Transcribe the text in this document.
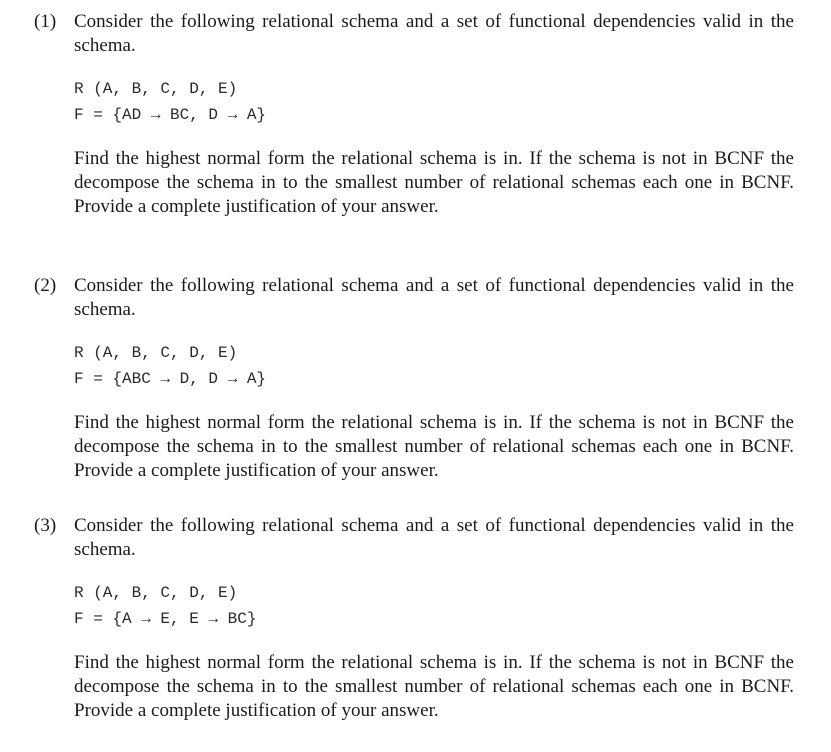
(1) Consider the following relational schema and a set of functional dependencies valid in the schema.
R (A, B, C, D, E)
F = {AD → BC, D → A}
Find the highest normal form the relational schema is in. If the schema is not in BCNF the decompose the schema in to the smallest number of relational schemas each one in BCNF. Provide a complete justification of your answer.
(2) Consider the following relational schema and a set of functional dependencies valid in the schema.
R (A, B, C, D, E)
F = {ABC → D, D → A}
Find the highest normal form the relational schema is in. If the schema is not in BCNF the decompose the schema in to the smallest number of relational schemas each one in BCNF. Provide a complete justification of your answer.
(3) Consider the following relational schema and a set of functional dependencies valid in the schema.
R (A, B, C, D, E)
F = {A → E, E → BC}
Find the highest normal form the relational schema is in. If the schema is not in BCNF the decompose the schema in to the smallest number of relational schemas each one in BCNF. Provide a complete justification of your answer.
